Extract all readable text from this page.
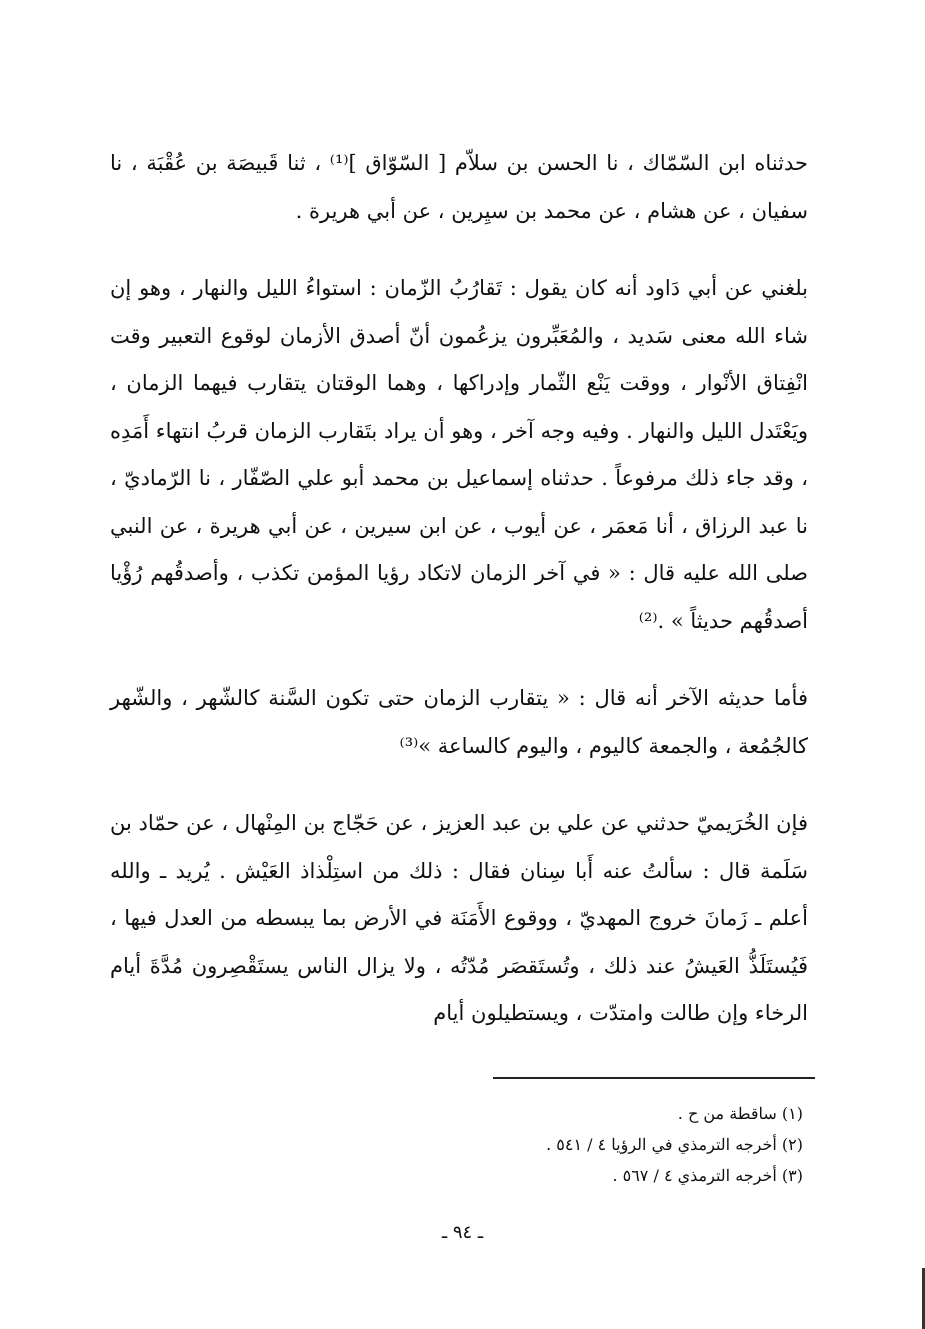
حدثناه ابن السّمّاك ، نا الحسن بن سلاّم [ السّوّاق ]⁽¹⁾ ، ثنا قَبيصَة بن عُقْبَة ، نا سفيان ، عن هشام ، عن محمد بن سيِرين ، عن أبي هريرة .

بلغني عن أبي دَاود أنه كان يقول : تَقارُبُ الزّمان : استواءُ الليل والنهار ، وهو إن شاء الله معنى سَديد ، والمُعَبِّرون يزعُمون أنّ أصدق الأزمان لوقوع التعبير وقت انْفِتاق الأنْوار ، ووقت يَنْع الثّمار وإدراكها ، وهما الوقتان يتقارب فيهما الزمان ، ويَعْتَدل الليل والنهار . وفيه وجه آخر ، وهو أن يراد بتَقارب الزمان قربُ انتهاء أَمَدِه ، وقد جاء ذلك مرفوعاً . حدثناه إسماعيل بن محمد أبو علي الصّفّار ، نا الرّماديّ ، نا عبد الرزاق ، أنا مَعمَر ، عن أيوب ، عن ابن سيرين ، عن أبي هريرة ، عن النبي صلى الله عليه قال : « في آخر الزمان لاتكاد رؤيا المؤمن تكذب ، وأصدقُهم رُؤْيا أصدقُهم حديثاً » .⁽²⁾

فأما حديثه الآخر أنه قال : « يتقارب الزمان حتى تكون السَّنة كالشّهر ، والشّهر كالجُمُعة ، والجمعة كاليوم ، واليوم كالساعة »⁽³⁾

فإن الخُرَيميّ حدثني عن علي بن عبد العزيز ، عن حَجّاج بن المِنْهال ، عن حمّاد بن سَلَمة قال : سألتُ عنه أَبا سِنان فقال : ذلك من استِلْذاذ العَيْش . يُريد ـ والله أعلم ـ زَمانَ خروج المهديّ ، ووقوع الأَمَنَة في الأرض بما يبسطه من العدل فيها ، فَيُستَلَذُّ العَيشُ عند ذلك ، وتُستَقصَر مُدّتُه ، ولا يزال الناس يستَقْصِرون مُدَّةَ أيام الرخاء وإن طالت وامتدّت ، ويستطيلون أيام

(١) ساقطة من ح .

(٢) أخرجه الترمذي في الرؤيا ٤ / ٥٤١ .

(٣) أخرجه الترمذي ٤ / ٥٦٧ .

ـ ٩٤ ـ
